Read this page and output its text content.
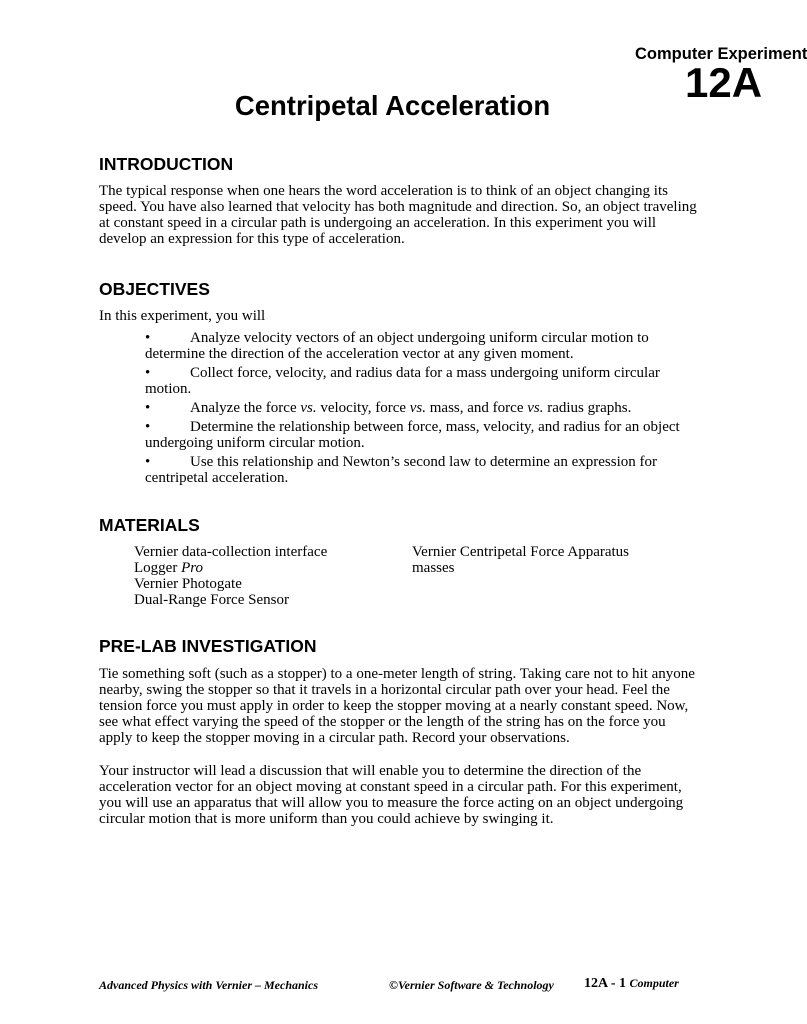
Computer Experiment
12A
Centripetal Acceleration
INTRODUCTION
The typical response when one hears the word acceleration is to think of an object changing its speed. You have also learned that velocity has both magnitude and direction. So, an object traveling at constant speed in a circular path is undergoing an acceleration. In this experiment you will develop an expression for this type of acceleration.
OBJECTIVES
In this experiment, you will
•	Analyze velocity vectors of an object undergoing uniform circular motion to determine the direction of the acceleration vector at any given moment.
•	Collect force, velocity, and radius data for a mass undergoing uniform circular motion.
•	Analyze the force vs. velocity, force vs. mass, and force vs. radius graphs.
•	Determine the relationship between force, mass, velocity, and radius for an object undergoing uniform circular motion.
•	Use this relationship and Newton’s second law to determine an expression for centripetal acceleration.
MATERIALS
Vernier data-collection interface
Logger Pro
Vernier Photogate
Dual-Range Force Sensor
Vernier Centripetal Force Apparatus
masses
PRE-LAB INVESTIGATION
Tie something soft (such as a stopper) to a one-meter length of string. Taking care not to hit anyone nearby, swing the stopper so that it travels in a horizontal circular path over your head. Feel the tension force you must apply in order to keep the stopper moving at a nearly constant speed. Now, see what effect varying the speed of the stopper or the length of the string has on the force you apply to keep the stopper moving in a circular path. Record your observations.
Your instructor will lead a discussion that will enable you to determine the direction of the acceleration vector for an object moving at constant speed in a circular path. For this experiment, you will use an apparatus that will allow you to measure the force acting on an object undergoing circular motion that is more uniform than you could achieve by swinging it.
Advanced Physics with Vernier – Mechanics	©Vernier Software & Technology 12A - 1 Computer
